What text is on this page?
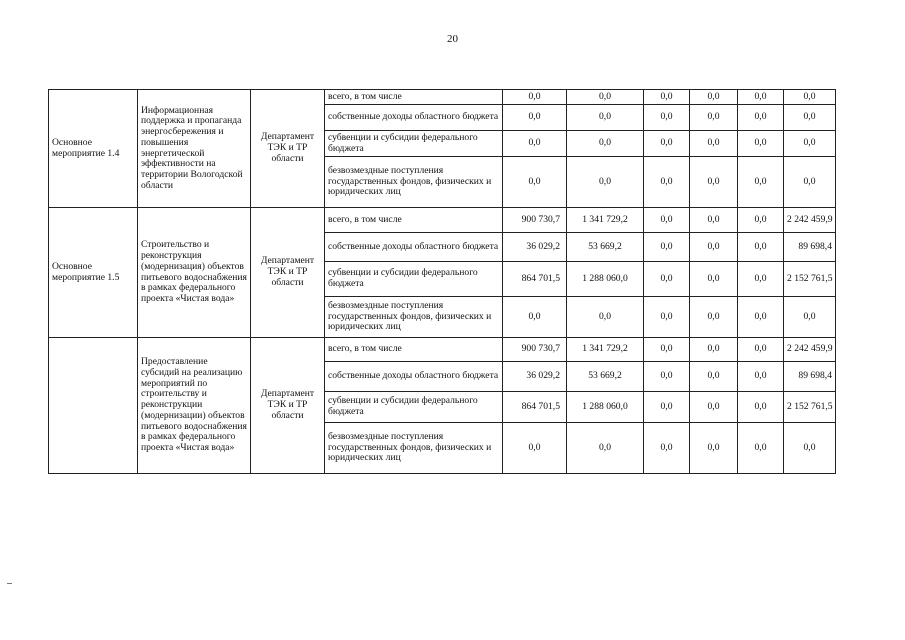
20
Основное мероприятие 1.4	Информационная поддержка и пропаганда энергосбережения и повышения энергетической эффективности на территории Вологодской области	Департамент ТЭК и ТР области	всего, в том числе	0,0	0,0	0,0	0,0	0,0	0,0
			собственные доходы областного бюджета	0,0	0,0	0,0	0,0	0,0	0,0
			субвенции и субсидии федерального бюджета	0,0	0,0	0,0	0,0	0,0	0,0
			безвозмездные поступления государственных фондов, физических и юридических лиц	0,0	0,0	0,0	0,0	0,0	0,0
Основное мероприятие 1.5	Строительство и реконструкция (модернизация) объектов питьевого водоснабжения в рамках федерального проекта «Чистая вода»	Департамент ТЭК и ТР области	всего, в том числе	900 730,7	1 341 729,2	0,0	0,0	0,0	2 242 459,9
			собственные доходы областного бюджета	36 029,2	53 669,2	0,0	0,0	0,0	89 698,4
			субвенции и субсидии федерального бюджета	864 701,5	1 288 060,0	0,0	0,0	0,0	2 152 761,5
			безвозмездные поступления государственных фондов, физических и юридических лиц	0,0	0,0	0,0	0,0	0,0	0,0
	Предоставление субсидий на реализацию мероприятий по строительству и реконструкции (модернизации) объектов питьевого водоснабжения в рамках федерального проекта «Чистая вода»	Департамент ТЭК и ТР области	всего, в том числе	900 730,7	1 341 729,2	0,0	0,0	0,0	2 242 459,9
			собственные доходы областного бюджета	36 029,2	53 669,2	0,0	0,0	0,0	89 698,4
			субвенции и субсидии федерального бюджета	864 701,5	1 288 060,0	0,0	0,0	0,0	2 152 761,5
			безвозмездные поступления государственных фондов, физических и юридических лиц	0,0	0,0	0,0	0,0	0,0	0,0
